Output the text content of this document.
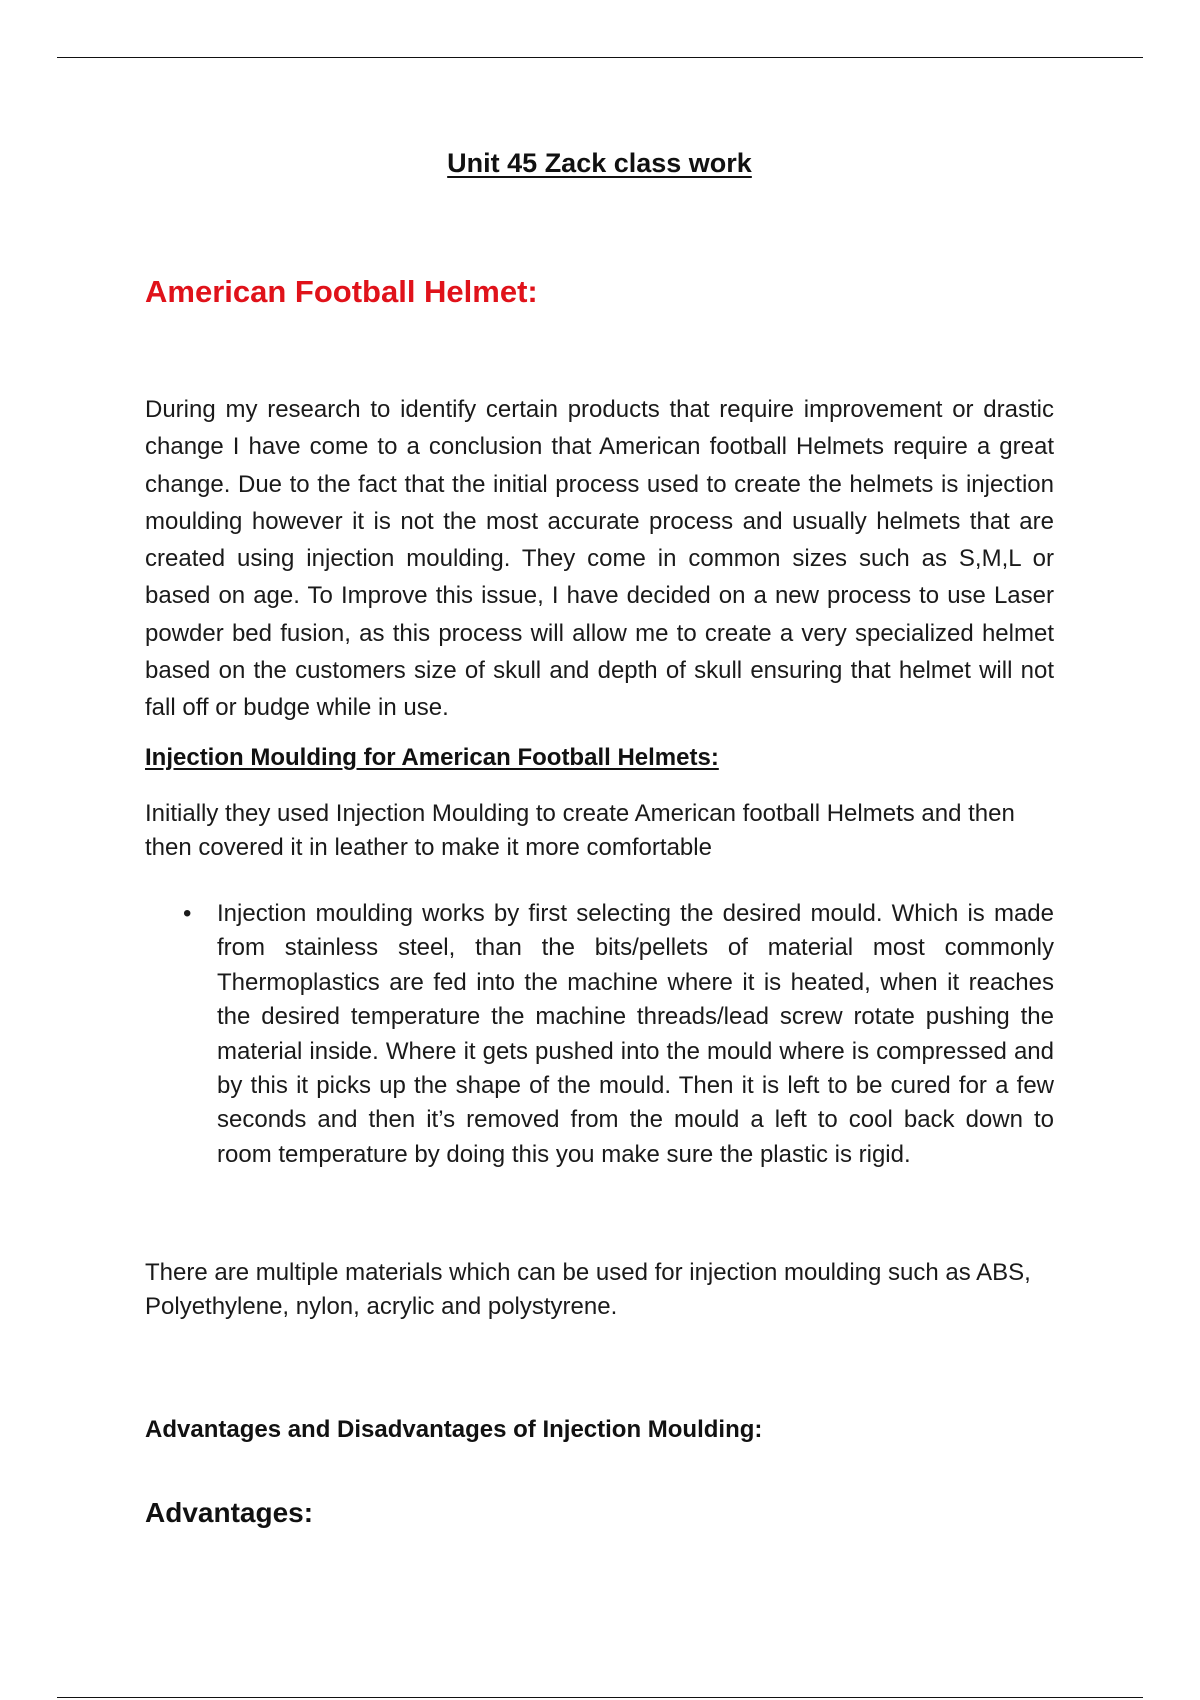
Unit 45 Zack class work
American Football Helmet:

During my research to identify certain products that require improvement or drastic change I have come to a conclusion that American football Helmets require a great change. Due to the fact that the initial process used to create the helmets is injection moulding however it is not the most accurate process and usually helmets that are created using injection moulding. They come in common sizes such as S,M,L or based on age. To Improve this issue, I have decided on a new process to use Laser powder bed fusion, as this process will allow me to create a very specialized helmet based on the customers size of skull and depth of skull ensuring that helmet will not fall off or budge while in use.

Injection Moulding for American Football Helmets:

Initially they used Injection Moulding to create American football Helmets and then then covered it in leather to make it more comfortable

• Injection moulding works by first selecting the desired mould. Which is made from stainless steel, than the bits/pellets of material most commonly Thermoplastics are fed into the machine where it is heated, when it reaches the desired temperature the machine threads/lead screw rotate pushing the material inside. Where it gets pushed into the mould where is compressed and by this it picks up the shape of the mould. Then it is left to be cured for a few seconds and then it’s removed from the mould a left to cool back down to room temperature by doing this you make sure the plastic is rigid.

There are multiple materials which can be used for injection moulding such as ABS, Polyethylene, nylon, acrylic and polystyrene.

Advantages and Disadvantages of Injection Moulding:
Advantages:
